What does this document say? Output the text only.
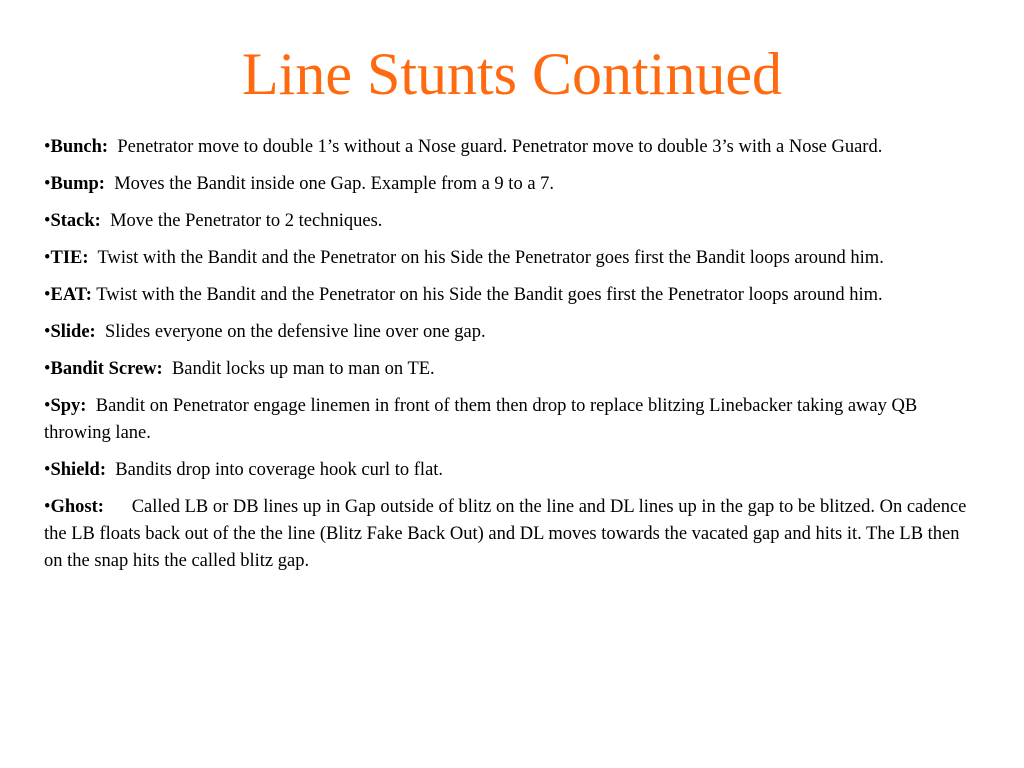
Line Stunts Continued
•Bunch: Penetrator move to double 1’s without a Nose guard. Penetrator move to double 3’s with a Nose Guard.
•Bump: Moves the Bandit inside one Gap. Example from a 9 to a 7.
•Stack: Move the Penetrator to 2 techniques.
•TIE: Twist with the Bandit and the Penetrator on his Side the Penetrator goes first the Bandit loops around him.
•EAT: Twist with the Bandit and the Penetrator on his Side the Bandit goes first the Penetrator loops around him.
•Slide: Slides everyone on the defensive line over one gap.
•Bandit Screw: Bandit locks up man to man on TE.
•Spy: Bandit on Penetrator engage linemen in front of them then drop to replace blitzing Linebacker taking away QB throwing lane.
•Shield: Bandits drop into coverage hook curl to flat.
•Ghost: Called LB or DB lines up in Gap outside of blitz on the line and DL lines up in the gap to be blitzed. On cadence the LB floats back out of the the line (Blitz Fake Back Out) and DL moves towards the vacated gap and hits it. The LB then on the snap hits the called blitz gap.
